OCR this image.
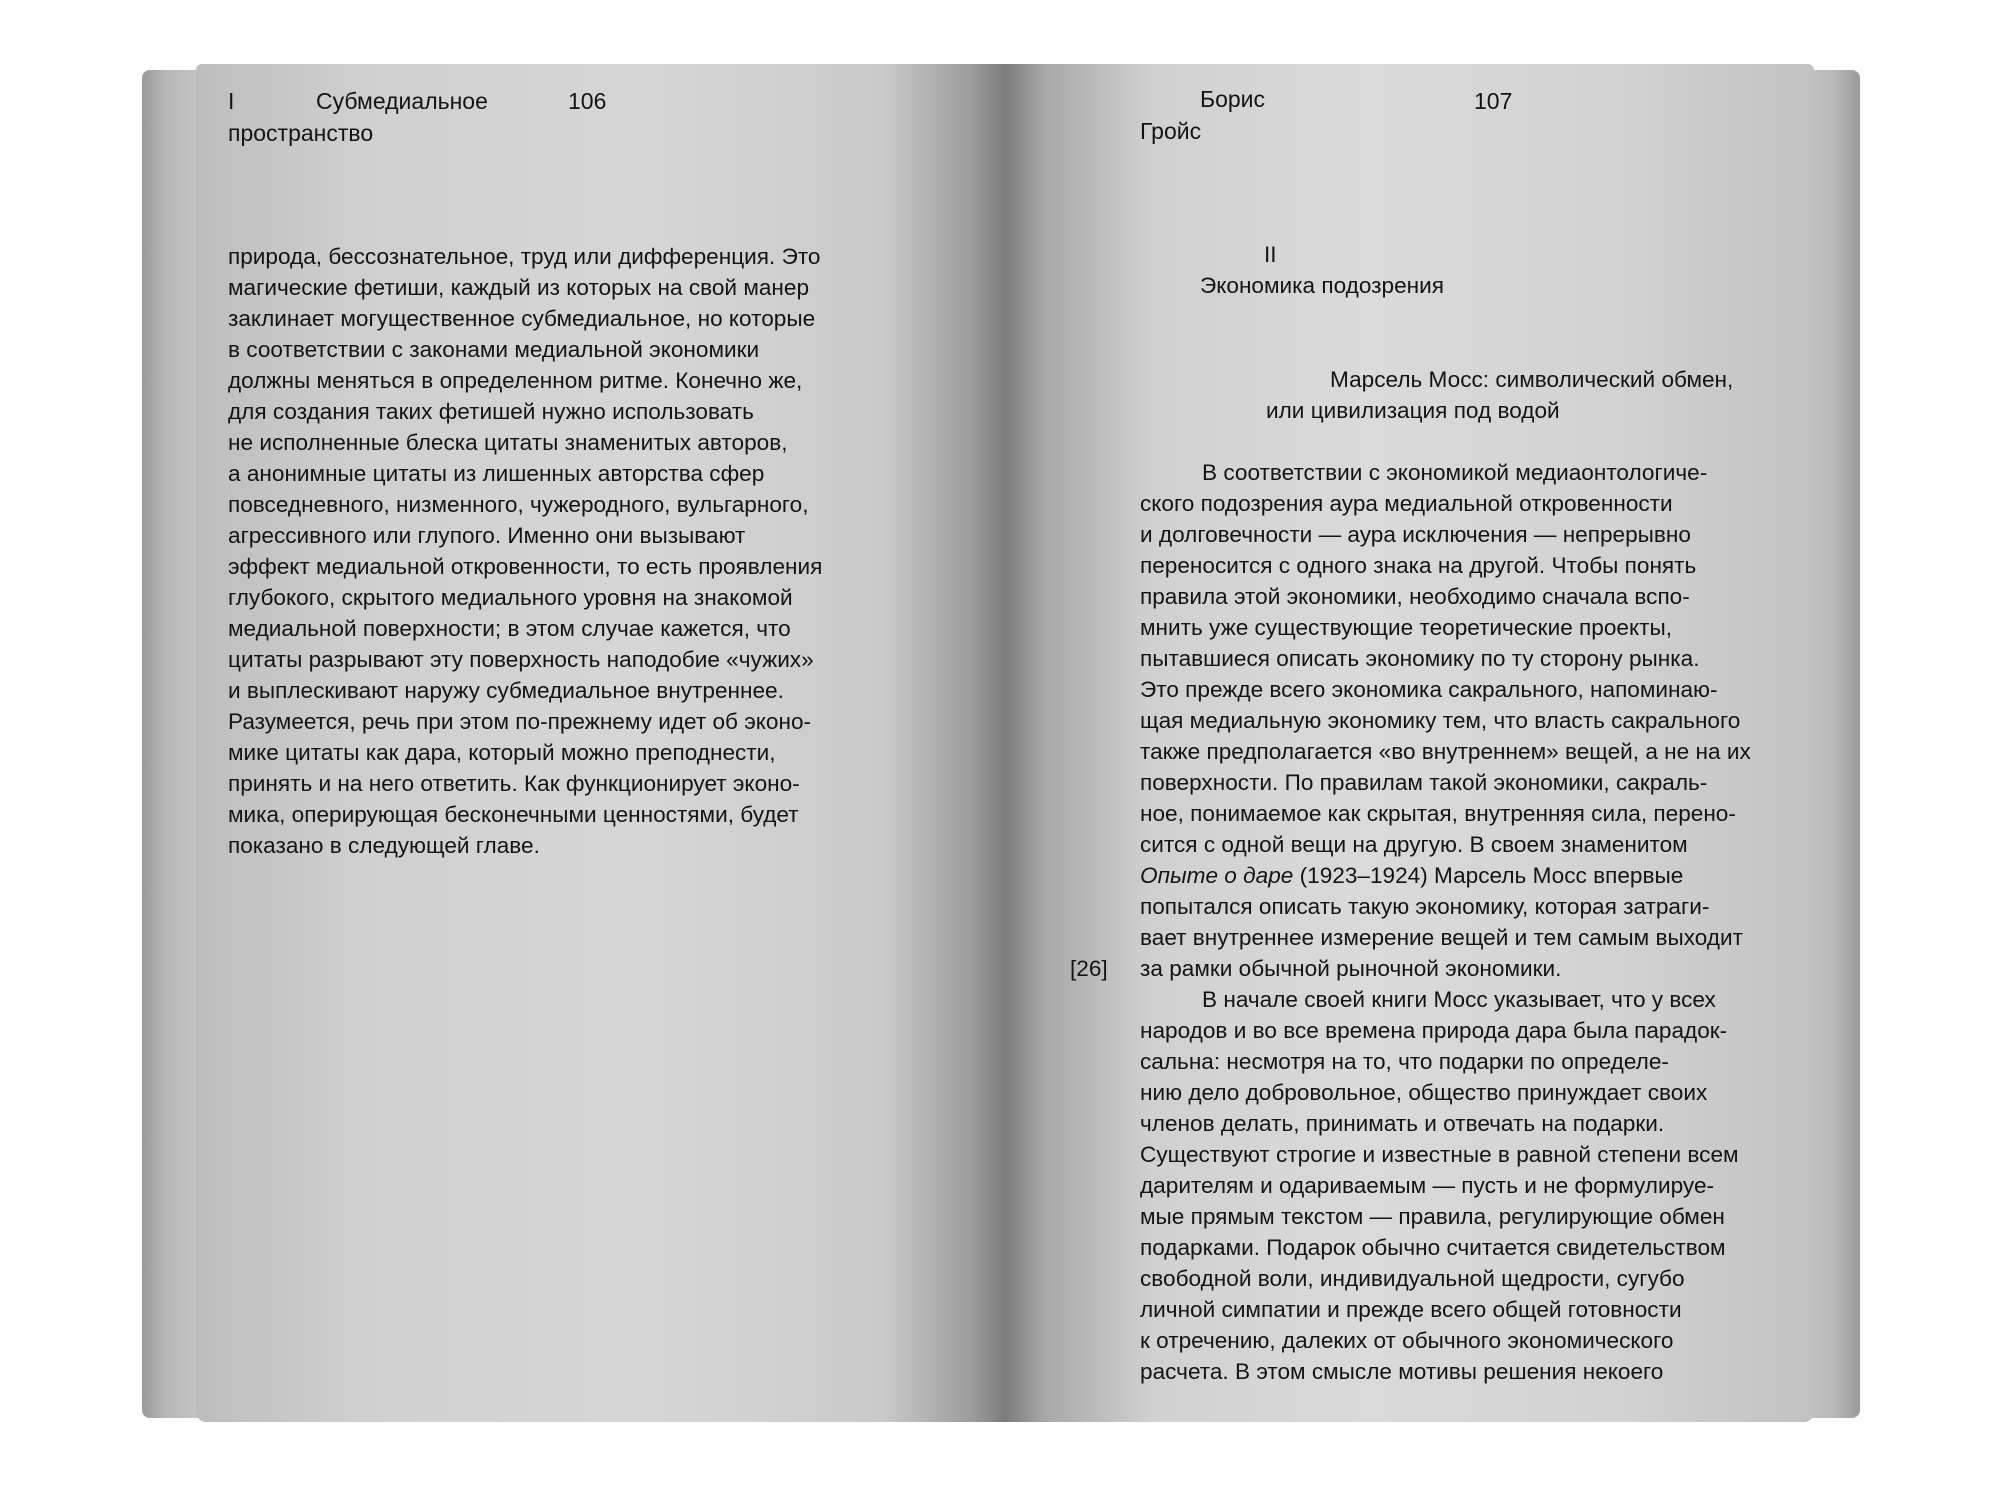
I	Субмедиальное
пространство
106
природа, бессознательное, труд или дифференция. Это
магические фетиши, каждый из которых на свой манер
заклинает могущественное субмедиальное, но которые
в соответствии с законами медиальной экономики
должны меняться в определенном ритме. Конечно же,
для создания таких фетишей нужно использовать
не исполненные блеска цитаты знаменитых авторов,
а анонимные цитаты из лишенных авторства сфер
повседневного, низменного, чужеродного, вульгарного,
агрессивного или глупого. Именно они вызывают
эффект медиальной откровенности, то есть проявления
глубокого, скрытого медиального уровня на знакомой
медиальной поверхности; в этом случае кажется, что
цитаты разрывают эту поверхность наподобие «чужих»
и выплескивают наружу субмедиальное внутреннее.
Разумеется, речь при этом по-прежнему идет об эконо-
мике цитаты как дара, который можно преподнести,
принять и на него ответить. Как функционирует эконо-
мика, оперирующая бесконечными ценностями, будет
показано в следующей главе.
Борис
Гройс
107
II
Экономика подозрения
Марсель Мосс: символический обмен,
или цивилизация под водой
[26]
В соответствии с экономикой медиаонтологиче-
ского подозрения аура медиальной откровенности
и долговечности — аура исключения — непрерывно
переносится с одного знака на другой. Чтобы понять
правила этой экономики, необходимо сначала вспо-
мнить уже существующие теоретические проекты,
пытавшиеся описать экономику по ту сторону рынка.
Это прежде всего экономика сакрального, напоминаю-
щая медиальную экономику тем, что власть сакрального
также предполагается «во внутреннем» вещей, а не на их
поверхности. По правилам такой экономики, сакраль-
ное, понимаемое как скрытая, внутренняя сила, перено-
сится с одной вещи на другую. В своем знаменитом
Опыте о даре (1923–1924) Марсель Мосс впервые
попытался описать такую экономику, которая затраги-
вает внутреннее измерение вещей и тем самым выходит
за рамки обычной рыночной экономики.
В начале своей книги Мосс указывает, что у всех
народов и во все времена природа дара была парадок-
сальна: несмотря на то, что подарки по определе-
нию дело добровольное, общество принуждает своих
членов делать, принимать и отвечать на подарки.
Существуют строгие и известные в равной степени всем
дарителям и одариваемым — пусть и не формулируе-
мые прямым текстом — правила, регулирующие обмен
подарками. Подарок обычно считается свидетельством
свободной воли, индивидуальной щедрости, сугубо
личной симпатии и прежде всего общей готовности
к отречению, далеких от обычного экономического
расчета. В этом смысле мотивы решения некоего
